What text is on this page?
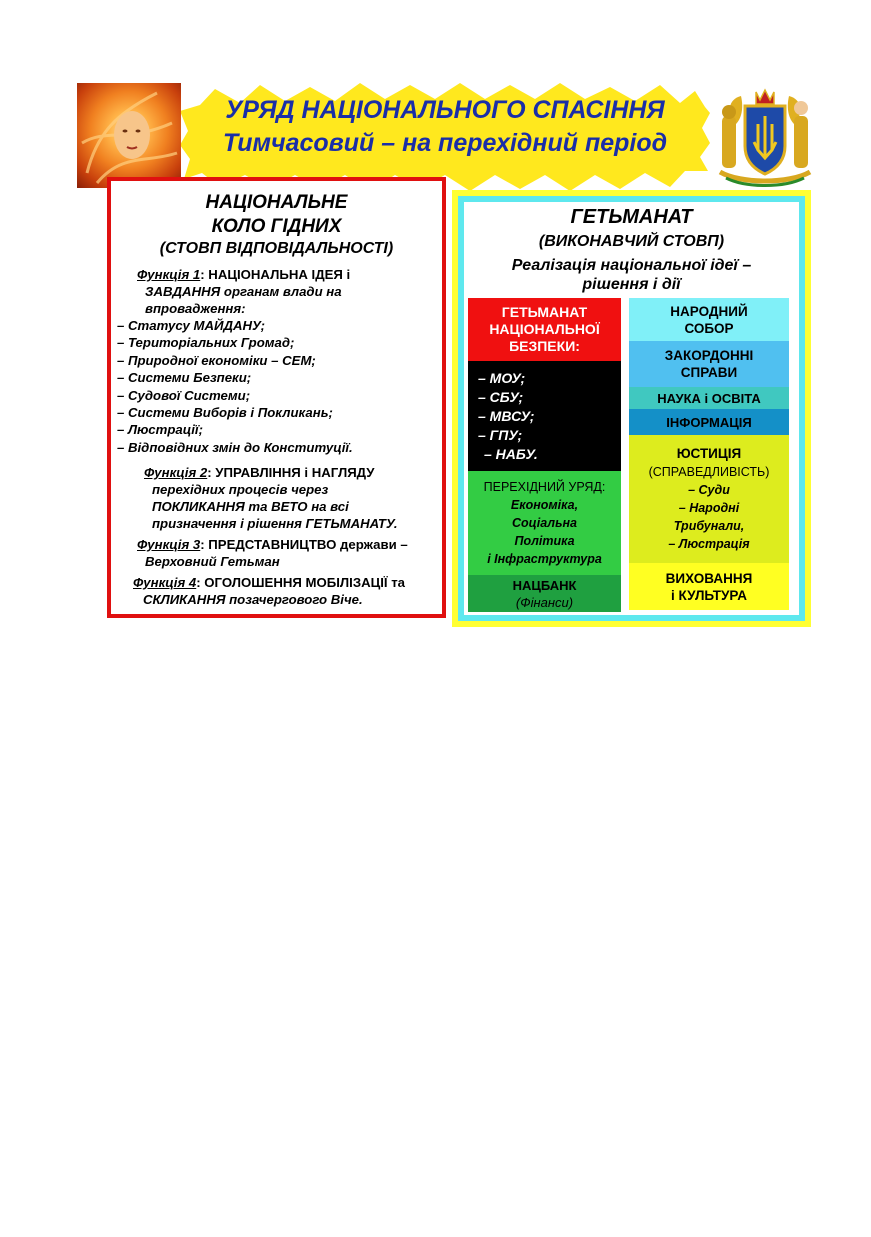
УРЯД НАЦІОНАЛЬНОГО СПАСІННЯ
Тимчасовий – на перехідний період
НАЦІОНАЛЬНЕ
КОЛО ГІДНИХ
(СТОВП ВІДПОВІДАЛЬНОСТІ)
Функція 1: НАЦІОНАЛЬНА ІДЕЯ і
ЗАВДАННЯ органам влади на
впровадження:
– Статусу МАЙДАНУ;
– Територіальних Громад;
– Природної економіки – СЕМ;
– Системи Безпеки;
– Судової Системи;
– Системи Виборів і Покликань;
– Люстрації;
– Відповідних змін до Конституції.
Функція 2: УПРАВЛІННЯ і НАГЛЯДУ
перехідних процесів через
ПОКЛИКАННЯ та ВЕТО на всі
призначення і рішення ГЕТЬМАНАТУ.
Функція 3: ПРЕДСТАВНИЦТВО держави –
Верховний Гетьман
Функція 4: ОГОЛОШЕННЯ МОБІЛІЗАЦІЇ та
СКЛИКАННЯ позачергового Віче.
ГЕТЬМАНАТ
(ВИКОНАВЧИЙ СТОВП)
Реалізація національної ідеї –
рішення і дії
ГЕТЬМАНАТ
НАЦІОНАЛЬНОЇ
БЕЗПЕКИ:
– МОУ;
– СБУ;
– МВСУ;
– ГПУ;
– НАБУ.
ПЕРЕХІДНИЙ УРЯД:
Економіка,
Соціальна
Політика
і Інфраструктура
НАЦБАНК
(Фінанси)
НАРОДНИЙ
СОБОР
ЗАКОРДОННІ
СПРАВИ
НАУКА і ОСВІТА
ІНФОРМАЦІЯ
ЮСТИЦІЯ
(СПРАВЕДЛИВІСТЬ)
– Суди
– Народні
Трибунали,
– Люстрація
ВИХОВАННЯ
і КУЛЬТУРА
